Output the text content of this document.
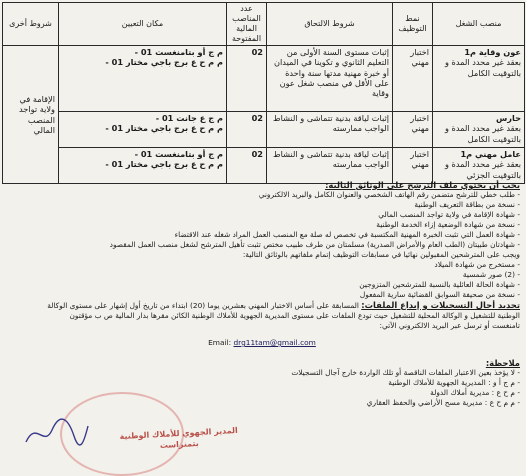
منصب الشغل	نمط التوظيف	شروط الالتحاق	عدد المناصب المالية المفتوحة	مكان التعيين	شروط أخرى

عون وقاية م1
بعقد غير محدد المدة و بالتوقيت الكامل	اختبار مهني	إثبات مستوى السنة الأولى من التعليم الثانوي و تكوينا في الميدان أو خبرة مهنية مدتها سنة واحدة على الأقل في منصب شغل عون وقاية	02	م ج أو بتامنغست 01 -
م م ح ع برج باجي مختار 01 -	الإقامة في ولاية تواجد المنصب المالي

حارس
بعقد غير محدد المدة و بالتوقيت الكامل	اختبار مهني	إثبات لياقة بدنية تتماشى و النشاط الواجب ممارسته	02	م ج ع جانت 01 -
م م ح ع برج باجي مختار 01 -	

عامل مهني م1
بعقد غير محدد المدة و بالتوقيت الجزئي	اختبار مهني	إثبات لياقة بدنية تتماشى و النشاط الواجب ممارسته	02	م ج أو بتامنغست 01 -
م م ح ع برج باجي مختار 01 -	
يجب أن يحتوي ملف الترشح على الوثائق التالية:
- طلب خطي للترشح متضمن رقم الهاتف الشخصي والعنوان الكامل والبريد الالكتروني
- نسخة من بطاقة التعريف الوطنية
- شهادة الإقامة في ولاية تواجد المنصب المالي
- نسخة من شهادة الوضعية إزاء الخدمة الوطنية
- شهادة العمل التي تثبت الخبرة المهنية المكتسبة في تخصص له صلة مع المنصب العمل المراد شغله عند الاقتضاء
- شهادتان طبيتان (الطب العام والأمراض الصدرية) مسلمتان من طرف طبيب مختص تثبت تأهيل المترشح لشغل منصب العمل المقصود
ويجب على المترشحين المقبولين نهائيا في مسابقات التوظيف إتمام ملفاتهم بالوثائق التالية:
- مستخرج من شهادة الميلاد
- (2) صور شمسية
- شهادة الحالة العائلية بالنسبة للمترشحين المتزوجين
- نسخة من صحيفة السوابق القضائية سارية المفعول
تحديد أجال التسجيلات و إيداع الملفات: المسابقة على أساس الاختبار المهني بعشرين يوما (20) ابتداء من تاريخ أول إشهار على مستوى الوكالة
الوطنية للتشغيل و الوكالة المحلية للتشغيل حيث تودع الملفات على مستوى المديرية الجهوية للأملاك الوطنية الكائن مقرها بدار المالية ص ب مؤقتون
تامنغست أو ترسل عبر البريد الالكتروني الآتي:
Email: drg11tam@gmail.com
ملاحظة:
- لا يؤخذ بعين الاعتبار الملفات الناقصة أو تلك الواردة خارج آجال التسجيلات
- م ج أ و : المديرية الجهوية للأملاك الوطنية
- م ح ع : مديرية أملاك الدولة
- م م ح ع : مديرية مسح الأراضي والحفظ العقاري
المدير الجهوي للأملاك الوطنية
بتمنراست
